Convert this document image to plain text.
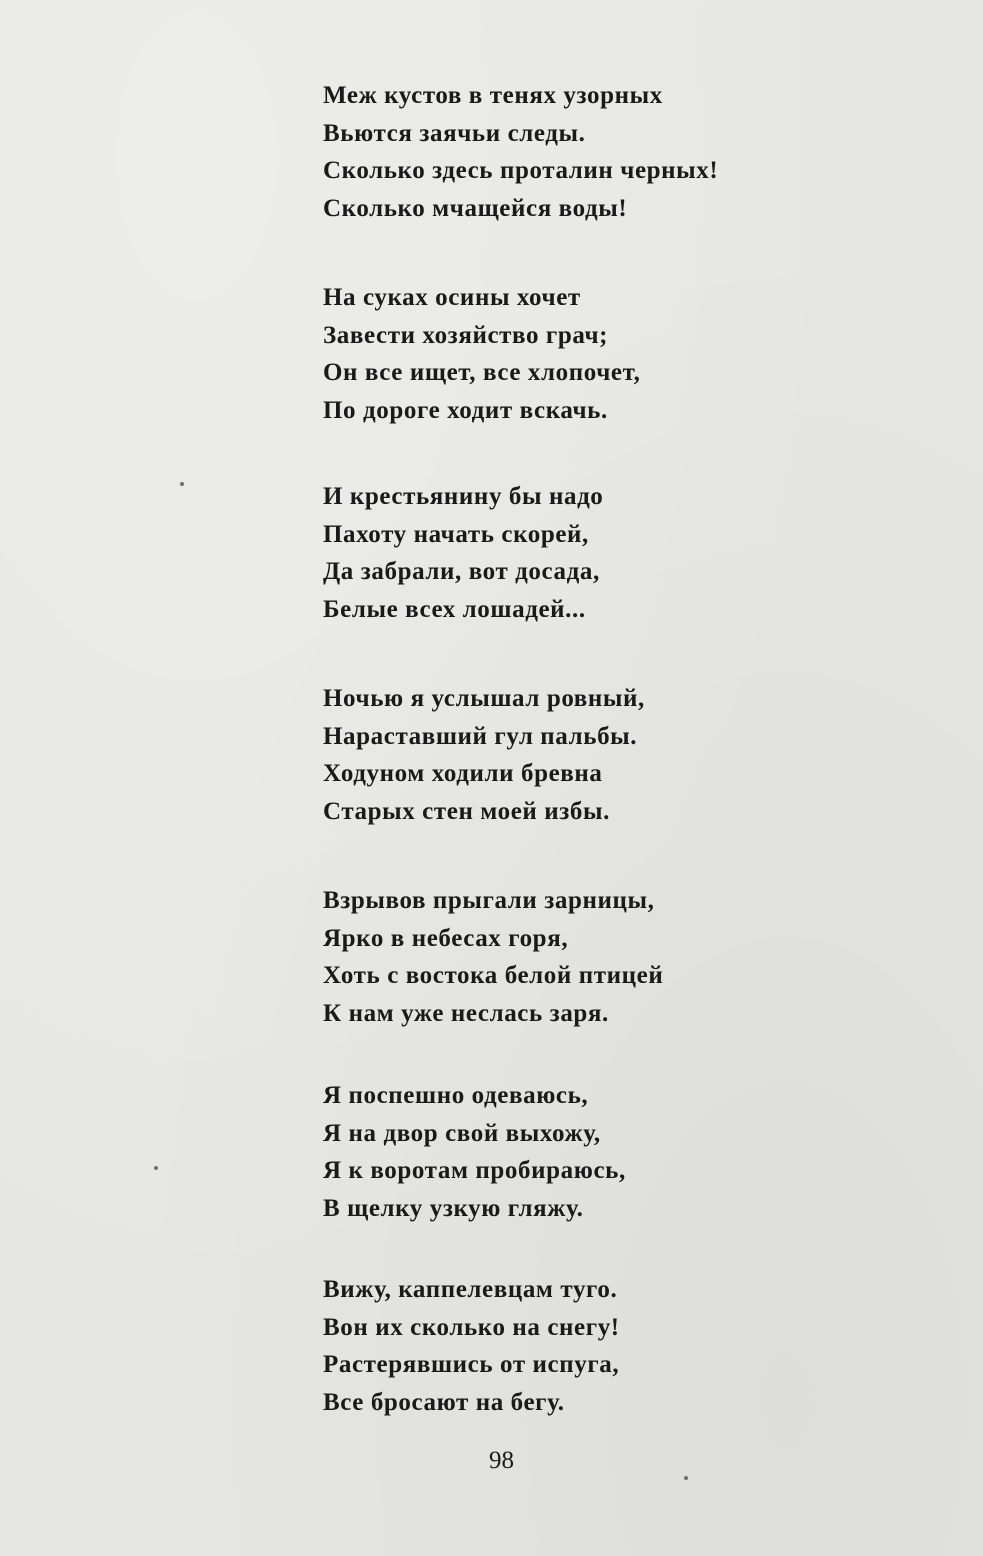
Меж кустов в тенях узорных
Вьются заячьи следы.
Сколько здесь проталин черных!
Сколько мчащейся воды!
На суках осины хочет
Завести хозяйство грач;
Он все ищет, все хлопочет,
По дороге ходит вскачь.
И крестьянину бы надо
Пахоту начать скорей,
Да забрали, вот досада,
Белые всех лошадей...
Ночью я услышал ровный,
Нараставший гул пальбы.
Ходуном ходили бревна
Старых стен моей избы.
Взрывов прыгали зарницы,
Ярко в небесах горя,
Хоть с востока белой птицей
К нам уже неслась заря.
Я поспешно одеваюсь,
Я на двор свой выхожу,
Я к воротам пробираюсь,
В щелку узкую гляжу.
Вижу, каппелевцам туго.
Вон их сколько на снегу!
Растерявшись от испуга,
Все бросают на бегу.
98
